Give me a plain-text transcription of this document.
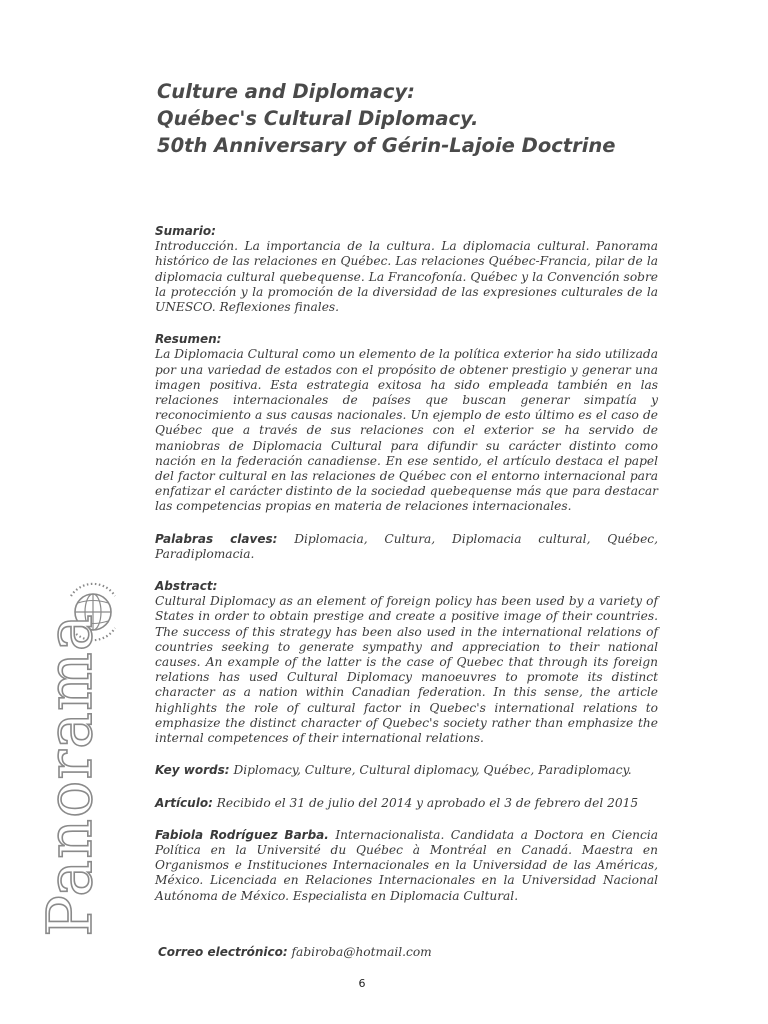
Panorama
Culture and Diplomacy:
Québec's Cultural Diplomacy.
50th Anniversary of Gérin-Lajoie Doctrine
Sumario:

Introducción. La importancia de la cultura. La diplomacia cultural. Panorama histórico de las relaciones en Québec. Las relaciones Québec-Francia, pilar de la diplomacia cultural quebequense. La Francofonía. Québec y la Convención sobre la protección y la promoción de la diversidad de las expresiones culturales de la UNESCO. Reflexiones finales.

Resumen:

La Diplomacia Cultural como un elemento de la política exterior ha sido utilizada por una variedad de estados con el propósito de obtener prestigio y generar una imagen positiva. Esta estrategia exitosa ha sido empleada también en las relaciones internacionales de países que buscan generar simpatía y reconocimiento a sus causas nacionales. Un ejemplo de esto último es el caso de Québec que a través de sus relaciones con el exterior se ha servido de maniobras de Diplomacia Cultural para difundir su carácter distinto como nación en la federación canadiense. En ese sentido, el artículo destaca el papel del factor cultural en las relaciones de Québec con el entorno internacional para enfatizar el carácter distinto de la sociedad quebequense más que para destacar las competencias propias en materia de relaciones internacionales.

Palabras claves: Diplomacia, Cultura, Diplomacia cultural, Québec, Paradiplomacia.

Abstract:

Cultural Diplomacy as an element of foreign policy has been used by a variety of States in order to obtain prestige and create a positive image of their countries. The success of this strategy has been also used in the international relations of countries seeking to generate sympathy and appreciation to their national causes. An example of the latter is the case of Quebec that through its foreign relations has used Cultural Diplomacy manoeuvres to promote its distinct character as a nation within Canadian federation. In this sense, the article highlights the role of cultural factor in Quebec's international relations to emphasize the distinct character of Quebec's society rather than emphasize the internal competences of their international relations.

Key words: Diplomacy, Culture, Cultural diplomacy, Québec, Paradiplomacy.

Artículo: Recibido el 31 de julio del 2014 y aprobado el 3 de febrero del 2015

Fabiola Rodríguez Barba. Internacionalista. Candidata a Doctora en Ciencia Política en la Université du Québec à Montréal en Canadá. Maestra en Organismos e Instituciones Internacionales en la Universidad de las Américas, México. Licenciada en Relaciones Internacionales en la Universidad Nacional Autónoma de México. Especialista en Diplomacia Cultural.

Correo electrónico: fabiroba@hotmail.com
6
